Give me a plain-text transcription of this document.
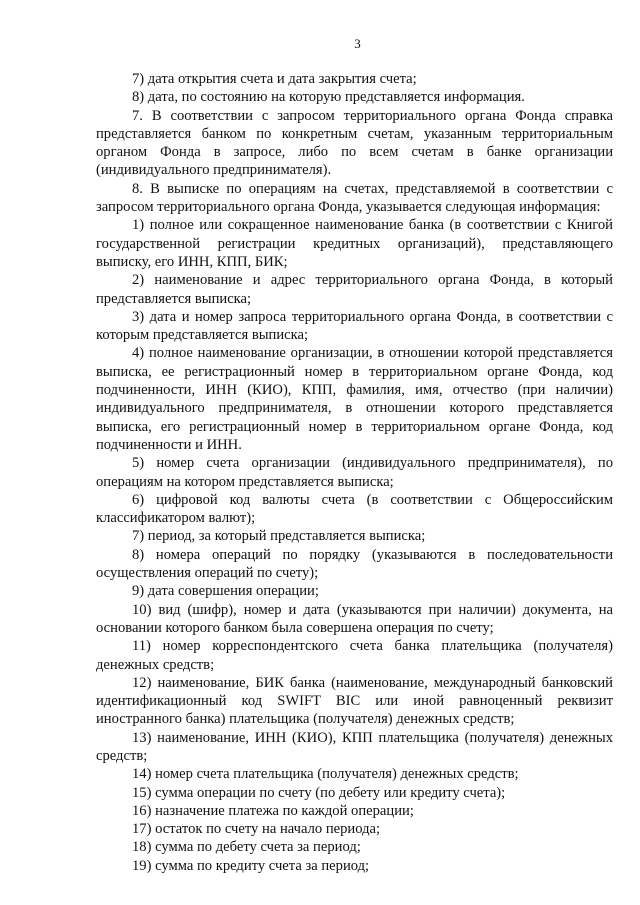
3

7) дата открытия счета и дата закрытия счета;

8) дата, по состоянию на которую представляется информация.

7. В соответствии с запросом территориального органа Фонда справка представляется банком по конкретным счетам, указанным территориальным органом Фонда в запросе, либо по всем счетам в банке организации (индивидуального предпринимателя).

8. В выписке по операциям на счетах, представляемой в соответствии с запросом территориального органа Фонда, указывается следующая информация:

1) полное или сокращенное наименование банка (в соответствии с Книгой государственной регистрации кредитных организаций), представляющего выписку, его ИНН, КПП, БИК;

2) наименование и адрес территориального органа Фонда, в который представляется выписка;

3) дата и номер запроса территориального органа Фонда, в соответствии с которым представляется выписка;

4) полное наименование организации, в отношении которой представляется выписка, ее регистрационный номер в территориальном органе Фонда, код подчиненности, ИНН (КИО), КПП, фамилия, имя, отчество (при наличии) индивидуального предпринимателя, в отношении которого представляется выписка, его регистрационный номер в территориальном органе Фонда, код подчиненности и ИНН.

5) номер счета организации (индивидуального предпринимателя), по операциям на котором представляется выписка;

6) цифровой код валюты счета (в соответствии с Общероссийским классификатором валют);

7) период, за который представляется выписка;

8) номера операций по порядку (указываются в последовательности осуществления операций по счету);

9) дата совершения операции;

10) вид (шифр), номер и дата (указываются при наличии) документа, на основании которого банком была совершена операция по счету;

11) номер корреспондентского счета банка плательщика (получателя) денежных средств;

12) наименование, БИК банка (наименование, международный банковский идентификационный код SWIFT BIC или иной равноценный реквизит иностранного банка) плательщика (получателя) денежных средств;

13) наименование, ИНН (КИО), КПП плательщика (получателя) денежных средств;

14) номер счета плательщика (получателя) денежных средств;

15) сумма операции по счету (по дебету или кредиту счета);

16) назначение платежа по каждой операции;

17) остаток по счету на начало периода;

18) сумма по дебету счета за период;

19) сумма по кредиту счета за период;
